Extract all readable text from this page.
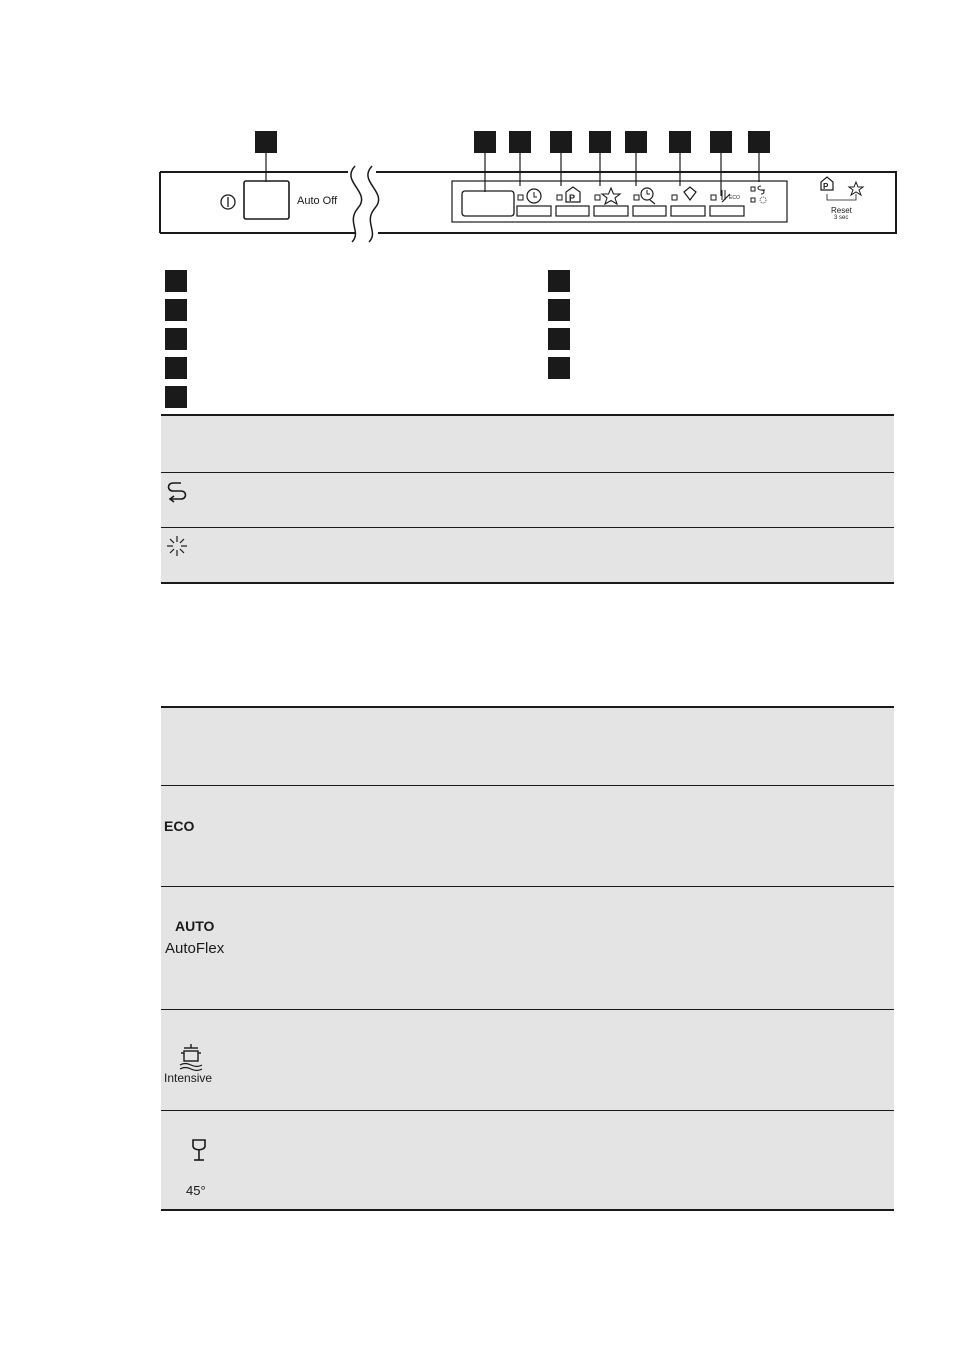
P	ECO
P
Auto Off
Reset
3 sec
ECO
AUTO
AutoFlex
Intensive
45°
